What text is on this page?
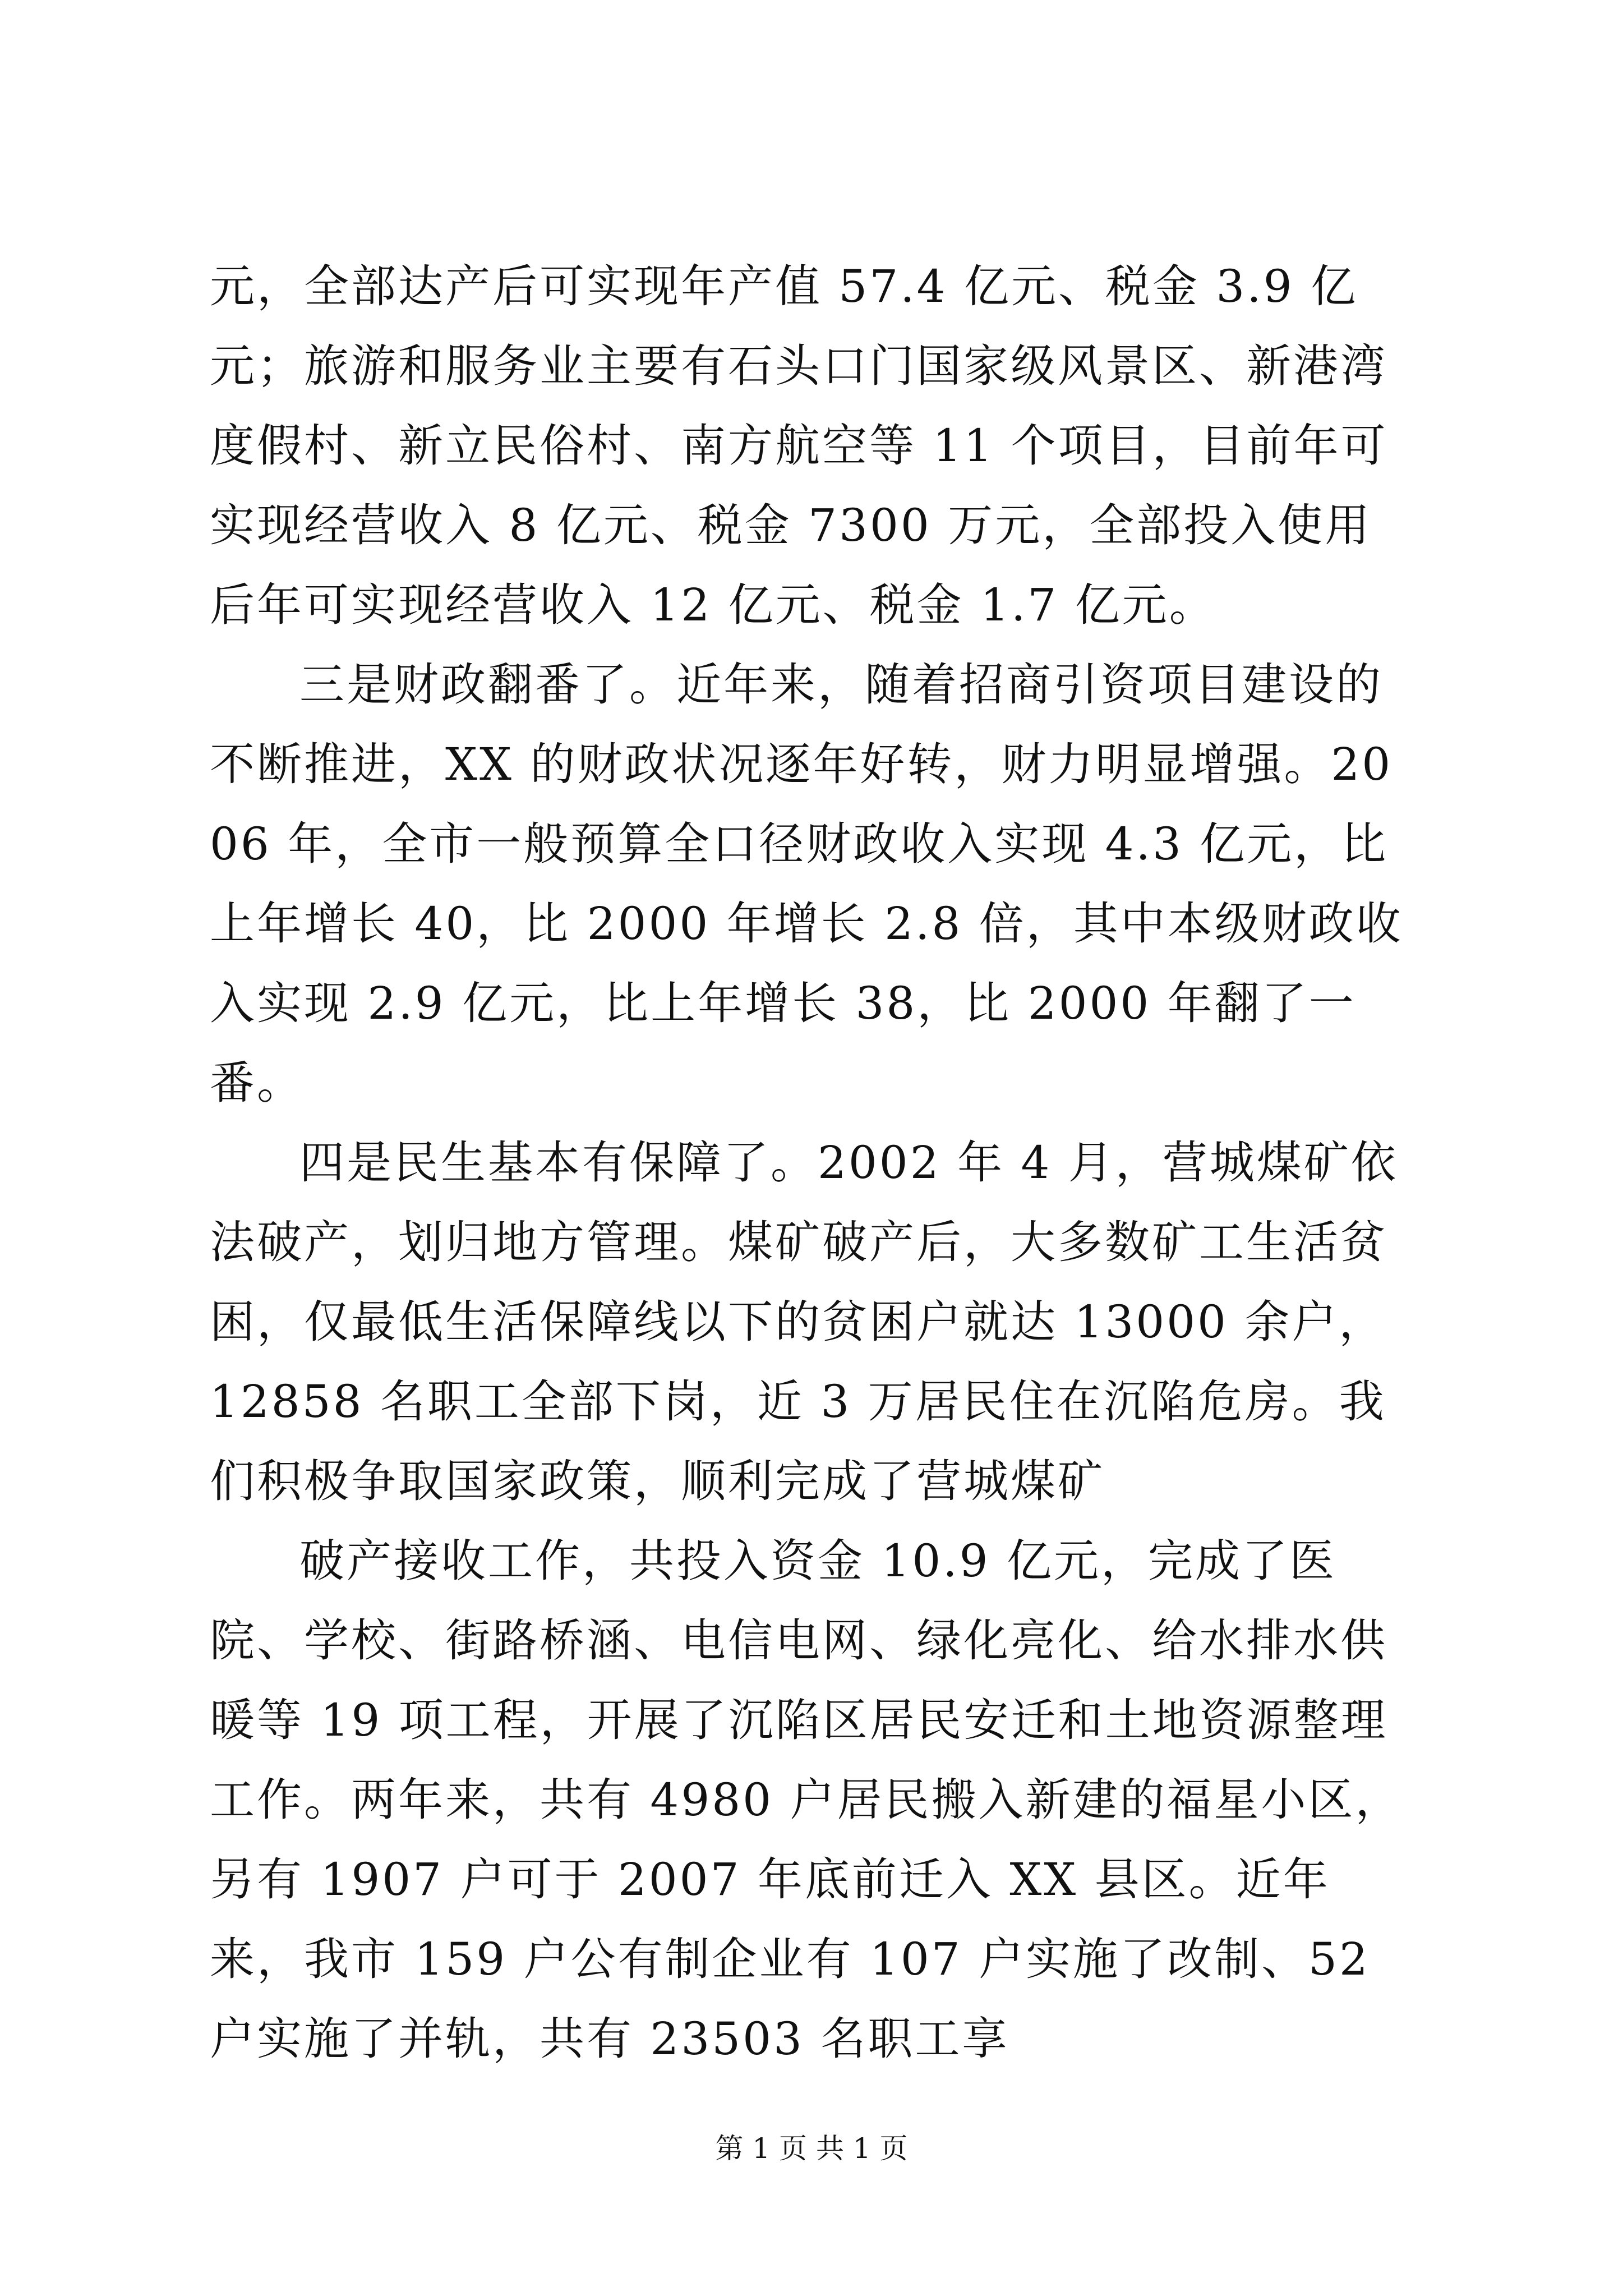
元，全部达产后可实现年产值 57.4 亿元、税金 3.9 亿元；旅游和服务业主要有石头口门国家级风景区、新港湾度假村、新立民俗村、南方航空等 11 个项目，目前年可实现经营收入 8 亿元、税金 7300 万元，全部投入使用后年可实现经营收入 12 亿元、税金 1.7 亿元。

三是财政翻番了。近年来，随着招商引资项目建设的不断推进，XX 的财政状况逐年好转，财力明显增强。2006 年，全市一般预算全口径财政收入实现 4.3 亿元，比上年增长 40，比 2000 年增长 2.8 倍，其中本级财政收入实现 2.9 亿元，比上年增长 38，比 2000 年翻了一番。

四是民生基本有保障了。2002 年 4 月，营城煤矿依法破产，划归地方管理。煤矿破产后，大多数矿工生活贫困，仅最低生活保障线以下的贫困户就达 13000 余户，12858 名职工全部下岗，近 3 万居民住在沉陷危房。我们积极争取国家政策，顺利完成了营城煤矿

破产接收工作，共投入资金 10.9 亿元，完成了医院、学校、街路桥涵、电信电网、绿化亮化、给水排水供暖等 19 项工程，开展了沉陷区居民安迁和土地资源整理工作。两年来，共有 4980 户居民搬入新建的福星小区，另有 1907 户可于 2007 年底前迁入 XX 县区。近年来，我市 159 户公有制企业有 107 户实施了改制、52 户实施了并轨，共有 23503 名职工享

第 1 页 共 1 页
